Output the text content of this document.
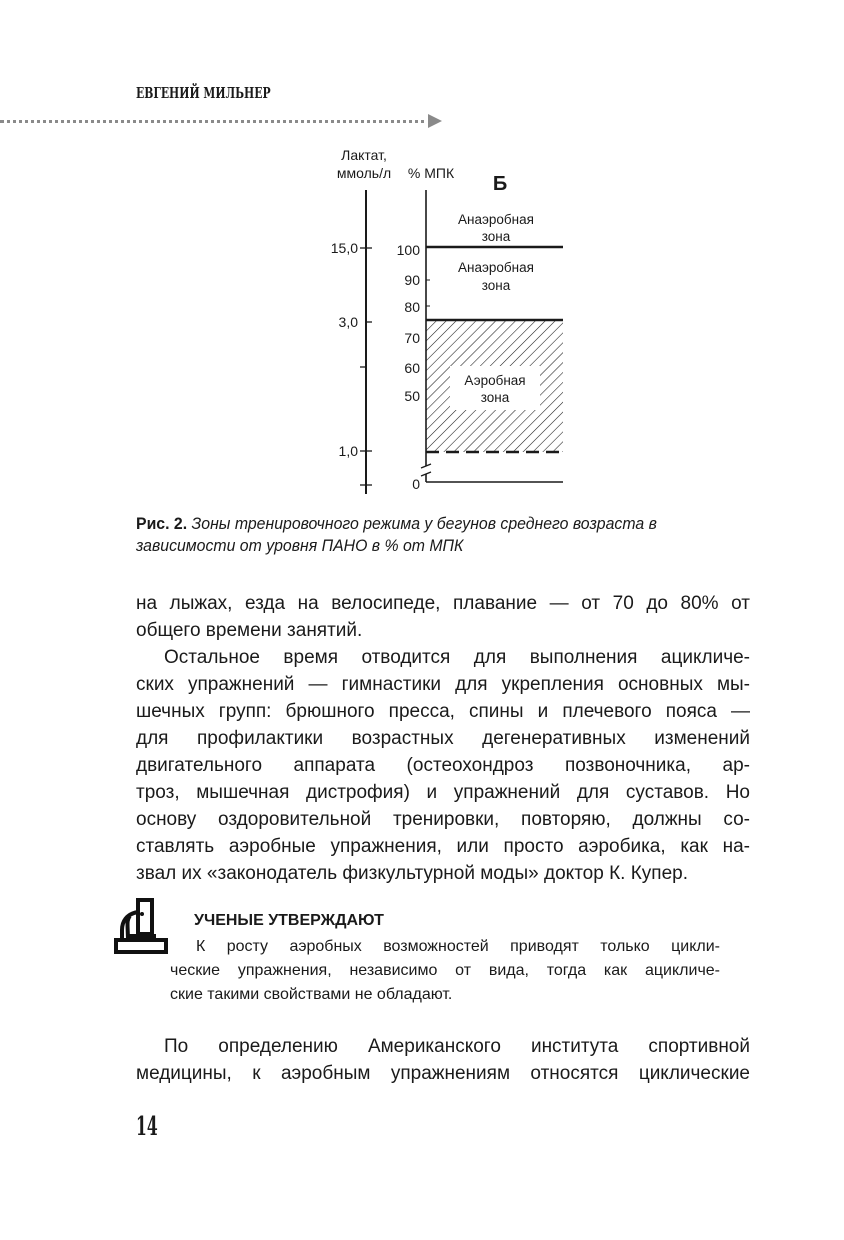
ЕВГЕНИЙ МИЛЬНЕР
Лактат,
ммоль/л % МПК Б
15,0
3,0
1,0
100
90
80
70
60
50
0
Анаэробная
зона
Анаэробная
зона
Аэробная
зона
Рис. 2. Зоны тренировочного режима у бегунов среднего возраста в зависимости от уровня ПАНО в % от МПК
на лыжах, езда на велосипеде, плавание — от 70 до 80% от
общего времени занятий.
Остальное время отводится для выполнения ацикличе-
ских упражнений — гимнастики для укрепления основных мы-
шечных групп: брюшного пресса, спины и плечевого пояса —
для профилактики возрастных дегенеративных изменений
двигательного аппарата (остеохондроз позвоночника, ар-
троз, мышечная дистрофия) и упражнений для суставов. Но
основу оздоровительной тренировки, повторяю, должны со-
ставлять аэробные упражнения, или просто аэробика, как на-
звал их «законодатель физкультурной моды» доктор К. Купер.
УЧЕНЫЕ УТВЕРЖДАЮТ
К росту аэробных возможностей приводят только цикли-
ческие упражнения, независимо от вида, тогда как ацикличе-
ские такими свойствами не обладают.
По определению Американского института спортивной
медицины, к аэробным упражнениям относятся циклические
14
